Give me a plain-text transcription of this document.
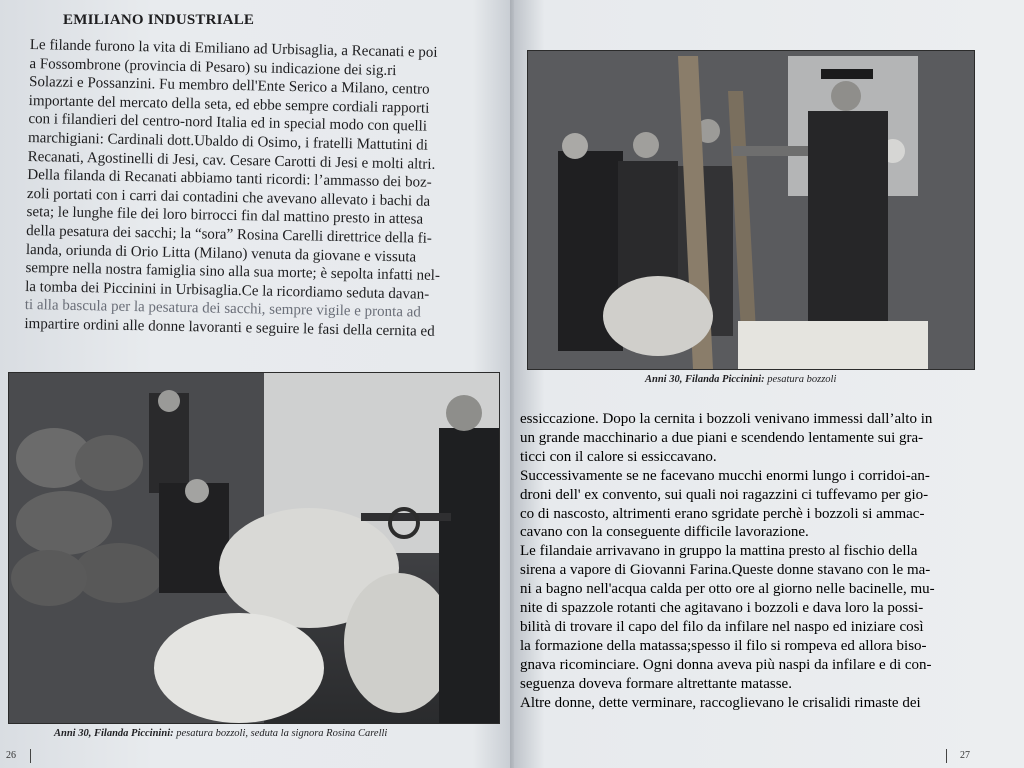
EMILIANO INDUSTRIALE
Le filande furono la vita di Emiliano ad Urbisaglia, a Recanati e poi
a Fossombrone (provincia di Pesaro) su indicazione dei sig.ri
Solazzi e Possanzini. Fu membro dell'Ente Serico a Milano, centro
importante del mercato della seta, ed ebbe sempre cordiali rapporti
con i filandieri del centro-nord Italia ed in special modo con quelli
marchigiani: Cardinali dott.Ubaldo di Osimo, i fratelli Mattutini di
Recanati, Agostinelli di Jesi, cav. Cesare Carotti di Jesi e molti altri.
Della filanda di Recanati abbiamo tanti ricordi: l’ammasso dei boz-
zoli portati con i carri dai contadini che avevano allevato i bachi da
seta; le lunghe file dei loro birrocci fin dal mattino presto in attesa
della pesatura dei sacchi; la “sora” Rosina Carelli direttrice della fi-
landa, oriunda di Orio Litta (Milano) venuta da giovane e vissuta
sempre nella nostra famiglia sino alla sua morte; è sepolta infatti nel-
la tomba dei Piccinini in Urbisaglia.Ce la ricordiamo seduta davan-
ti alla bascula per la pesatura dei sacchi, sempre vigile e pronta ad
impartire ordini alle donne lavoranti e seguire le fasi della cernita ed
Anni 30, Filanda Piccinini: pesatura bozzoli, seduta la signora Rosina Carelli
26
Anni 30, Filanda Piccinini: pesatura bozzoli
essiccazione. Dopo la cernita i bozzoli venivano immessi dall’alto in
un grande macchinario a due piani e scendendo lentamente sui gra-
ticci con il calore si essiccavano.
Successivamente se ne facevano mucchi enormi lungo i corridoi-an-
droni dell' ex convento, sui quali noi ragazzini ci tuffevamo per gio-
co di nascosto, altrimenti erano sgridate perchè i bozzoli si ammac-
cavano con la conseguente difficile lavorazione.
Le filandaie arrivavano in gruppo la mattina presto al fischio della
sirena a vapore di Giovanni Farina.Queste donne stavano con le ma-
ni a bagno nell'acqua calda per otto ore al giorno nelle bacinelle, mu-
nite di spazzole rotanti che agitavano i bozzoli e dava loro la possi-
bilità di trovare il capo del filo da infilare nel naspo ed iniziare così
la formazione della matassa;spesso il filo si rompeva ed allora biso-
gnava ricominciare. Ogni donna aveva più naspi da infilare e di con-
seguenza doveva formare altrettante matasse.
Altre donne, dette verminare, raccoglievano le crisalidi rimaste dei
27
